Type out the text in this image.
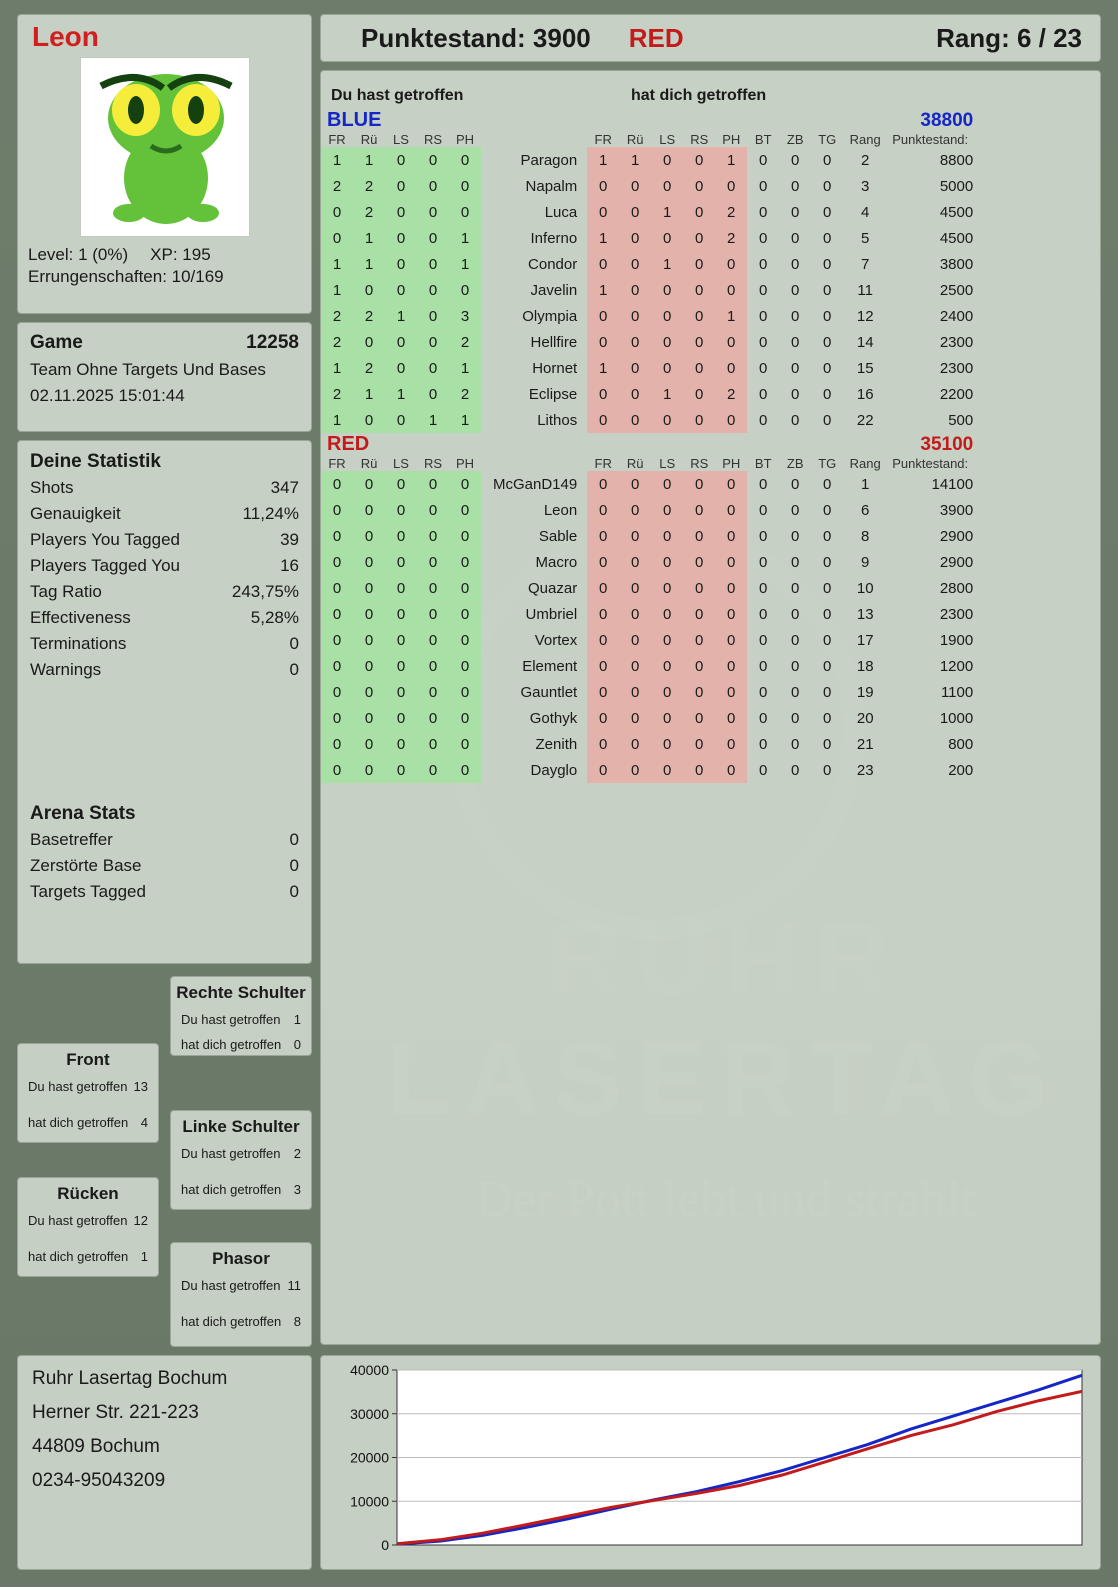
Leon
Level: 1 (0%) XP: 195
Errungenschaften: 10/169
Punktestand: 3900 RED	Rang: 6 / 23
Game	12258
Team Ohne Targets Und Bases
02.11.2025 15:01:44
Deine Statistik
Shots	347
Genauigkeit	11,24%
Players You Tagged	39
Players Tagged You	16
Tag Ratio	243,75%
Effectiveness	5,28%
Terminations	0
Warnings	0
Arena Stats
Basetreffer	0
Zerstörte Base	0
Targets Tagged	0
Rechte Schulter
Du hast getroffen 1
hat dich getroffen 0
Front
Du hast getroffen 13
hat dich getroffen 4	Linke Schulter
Du hast getroffen 2
hat dich getroffen 3
Rücken
Du hast getroffen 12
hat dich getroffen 1	Phasor
Du hast getroffen 11
hat dich getroffen 8
Ruhr Lasertag Bochum
Herner Str. 221-223
44809 Bochum
0234-95043209
Du hast getroffen	hat dich getroffen
BLUE															38800
FR	Rü	LS	RS	PH		FR	Rü	LS	RS	PH	BT	ZB	TG	Rang	Punktestand:
1	1	0	0	0	Paragon	1	1	0	0	1	0	0	0	2	8800
2	2	0	0	0	Napalm	0	0	0	0	0	0	0	0	3	5000
0	2	0	0	0	Luca	0	0	1	0	2	0	0	0	4	4500
0	1	0	0	1	Inferno	1	0	0	0	2	0	0	0	5	4500
1	1	0	0	1	Condor	0	0	1	0	0	0	0	0	7	3800
1	0	0	0	0	Javelin	1	0	0	0	0	0	0	0	11	2500
2	2	1	0	3	Olympia	0	0	0	0	1	0	0	0	12	2400
2	0	0	0	2	Hellfire	0	0	0	0	0	0	0	0	14	2300
1	2	0	0	1	Hornet	1	0	0	0	0	0	0	0	15	2300
2	1	1	0	2	Eclipse	0	0	1	0	2	0	0	0	16	2200
1	0	0	1	1	Lithos	0	0	0	0	0	0	0	0	22	500
RED															35100
FR	Rü	LS	RS	PH		FR	Rü	LS	RS	PH	BT	ZB	TG	Rang	Punktestand:
0	0	0	0	0	McGanD149	0	0	0	0	0	0	0	0	1	14100
0	0	0	0	0	Leon	0	0	0	0	0	0	0	0	6	3900
0	0	0	0	0	Sable	0	0	0	0	0	0	0	0	8	2900
0	0	0	0	0	Macro	0	0	0	0	0	0	0	0	9	2900
0	0	0	0	0	Quazar	0	0	0	0	0	0	0	0	10	2800
0	0	0	0	0	Umbriel	0	0	0	0	0	0	0	0	13	2300
0	0	0	0	0	Vortex	0	0	0	0	0	0	0	0	17	1900
0	0	0	0	0	Element	0	0	0	0	0	0	0	0	18	1200
0	0	0	0	0	Gauntlet	0	0	0	0	0	0	0	0	19	1100
0	0	0	0	0	Gothyk	0	0	0	0	0	0	0	0	20	1000
0	0	0	0	0	Zenith	0	0	0	0	0	0	0	0	21	800
0	0	0	0	0	Dayglo	0	0	0	0	0	0	0	0	23	200
0
10000
20000
30000
40000
